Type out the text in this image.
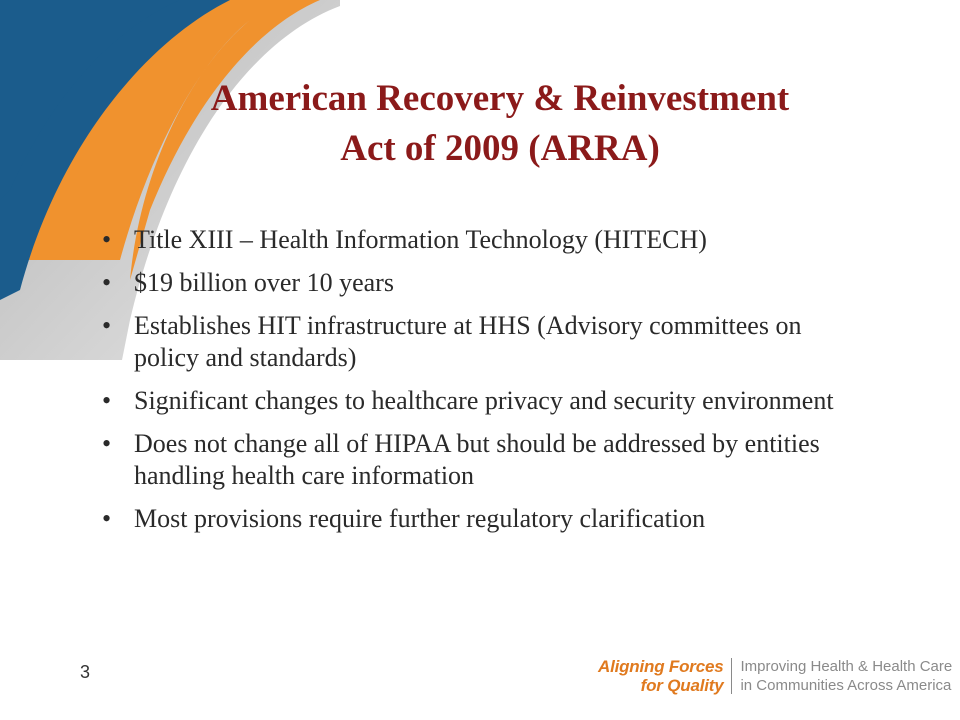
American Recovery & Reinvestment
Act of 2009 (ARRA)
• Title XIII – Health Information Technology (HITECH)
• $19 billion over 10 years
• Establishes HIT infrastructure at HHS (Advisory committees on policy and standards)
• Significant changes to healthcare privacy and security environment
• Does not change all of HIPAA but should be addressed by entities handling health care information
• Most provisions require further regulatory clarification
3	Aligning Forces
for Quality
Improving Health & Health Care
in Communities Across America
